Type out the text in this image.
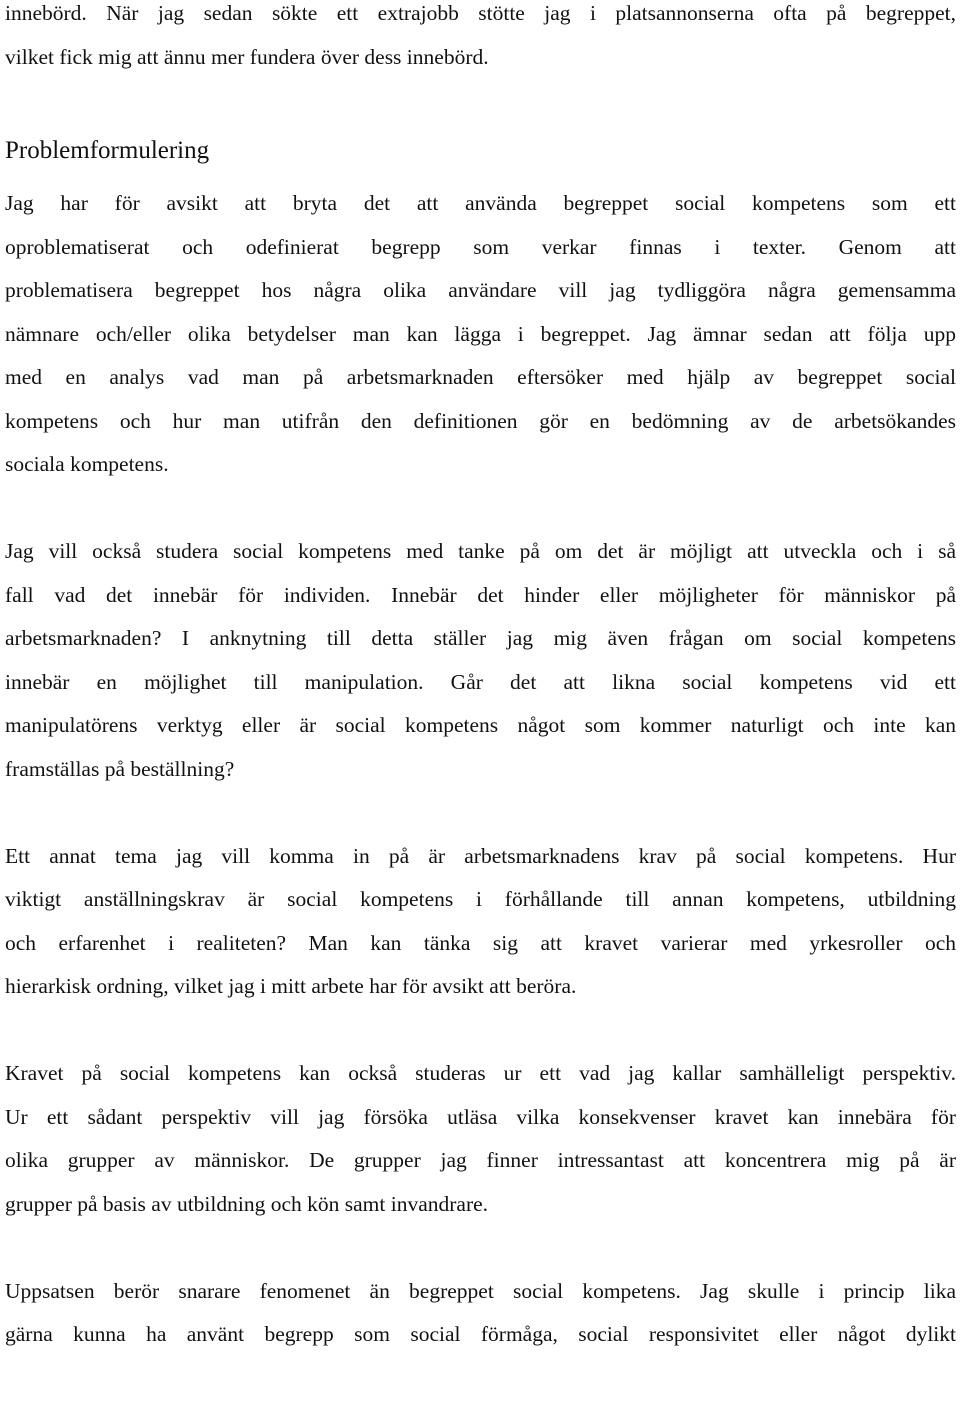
innebörd. När jag sedan sökte ett extrajobb stötte jag i platsannonserna ofta på begreppet,
vilket fick mig att ännu mer fundera över dess innebörd.
Problemformulering
Jag har för avsikt att bryta det att använda begreppet social kompetens som ett
oproblematiserat och odefinierat begrepp som verkar finnas i texter. Genom att
problematisera begreppet hos några olika användare vill jag tydliggöra några gemensamma
nämnare och/eller olika betydelser man kan lägga i begreppet. Jag ämnar sedan att följa upp
med en analys vad man på arbetsmarknaden eftersöker med hjälp av begreppet social
kompetens och hur man utifrån den definitionen gör en bedömning av de arbetsökandes
sociala kompetens.
Jag vill också studera social kompetens med tanke på om det är möjligt att utveckla och i så
fall vad det innebär för individen. Innebär det hinder eller möjligheter för människor på
arbetsmarknaden? I anknytning till detta ställer jag mig även frågan om social kompetens
innebär en möjlighet till manipulation. Går det att likna social kompetens vid ett
manipulatörens verktyg eller är social kompetens något som kommer naturligt och inte kan
framställas på beställning?
Ett annat tema jag vill komma in på är arbetsmarknadens krav på social kompetens. Hur
viktigt anställningskrav är social kompetens i förhållande till annan kompetens, utbildning
och erfarenhet i realiteten? Man kan tänka sig att kravet varierar med yrkesroller och
hierarkisk ordning, vilket jag i mitt arbete har för avsikt att beröra.
Kravet på social kompetens kan också studeras ur ett vad jag kallar samhälleligt perspektiv.
Ur ett sådant perspektiv vill jag försöka utläsa vilka konsekvenser kravet kan innebära för
olika grupper av människor. De grupper jag finner intressantast att koncentrera mig på är
grupper på basis av utbildning och kön samt invandrare.
Uppsatsen berör snarare fenomenet än begreppet social kompetens. Jag skulle i princip lika
gärna kunna ha använt begrepp som social förmåga, social responsivitet eller något dylikt
